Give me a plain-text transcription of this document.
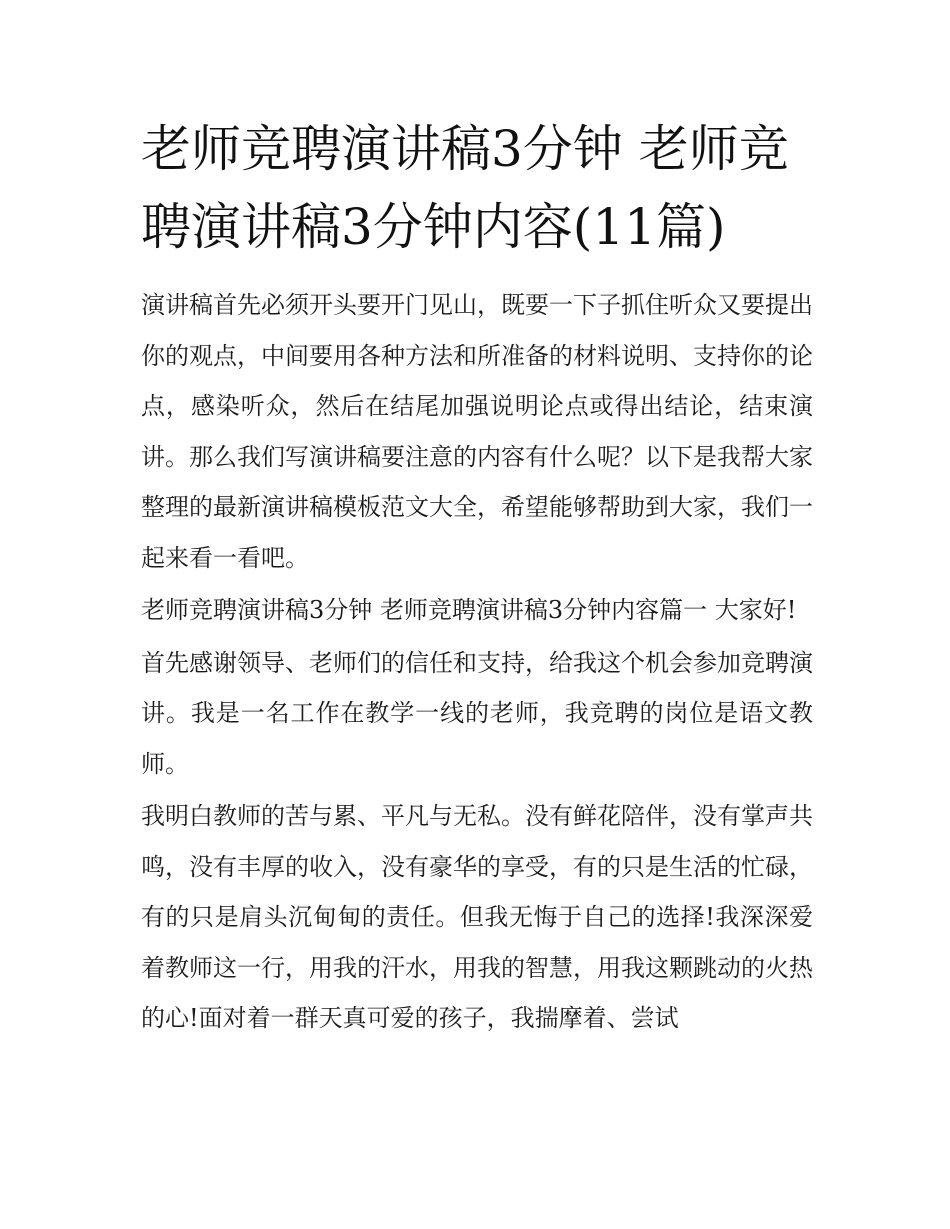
老师竞聘演讲稿3分钟 老师竞聘演讲稿3分钟内容(11篇)

演讲稿首先必须开头要开门见山，既要一下子抓住听众又要提出你的观点，中间要用各种方法和所准备的材料说明、支持你的论点，感染听众，然后在结尾加强说明论点或得出结论，结束演讲。那么我们写演讲稿要注意的内容有什么呢？以下是我帮大家整理的最新演讲稿模板范文大全，希望能够帮助到大家，我们一起来看一看吧。

老师竞聘演讲稿3分钟 老师竞聘演讲稿3分钟内容篇一 大家好!

首先感谢领导、老师们的信任和支持，给我这个机会参加竞聘演讲。我是一名工作在教学一线的老师，我竞聘的岗位是语文教师。

我明白教师的苦与累、平凡与无私。没有鲜花陪伴，没有掌声共鸣，没有丰厚的收入，没有豪华的享受，有的只是生活的忙碌，有的只是肩头沉甸甸的责任。但我无悔于自己的选择!我深深爱着教师这一行，用我的汗水，用我的智慧，用我这颗跳动的火热的心!面对着一群天真可爱的孩子，我揣摩着、尝试
